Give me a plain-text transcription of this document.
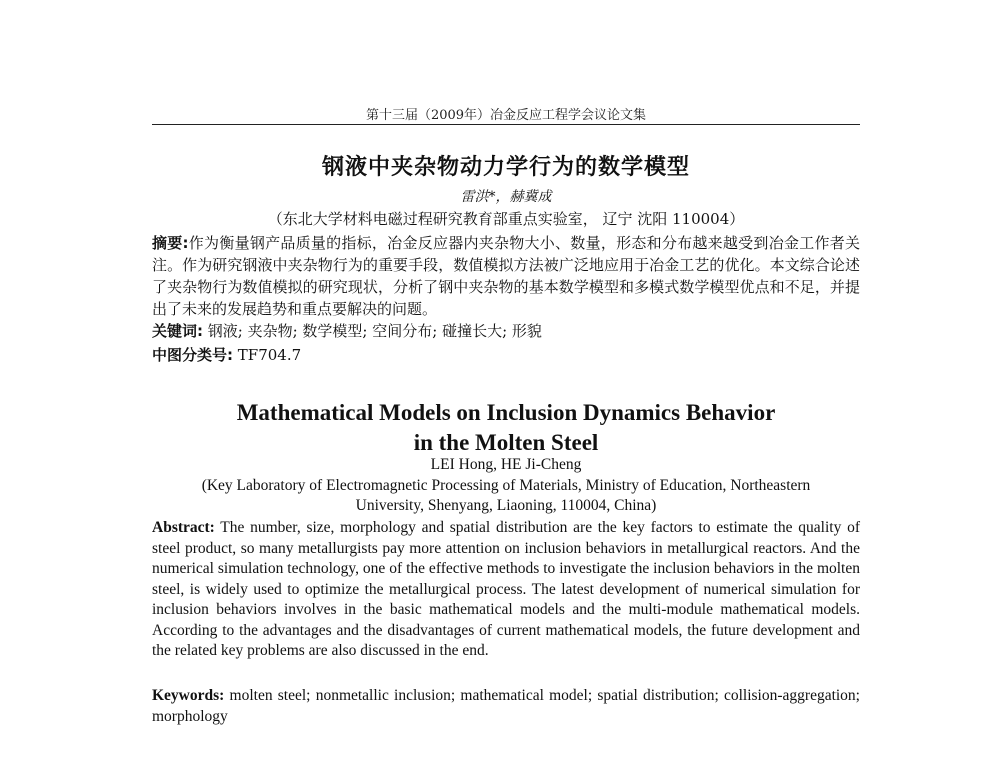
第十三届（2009年）冶金反应工程学会议论文集
钢液中夹杂物动力学行为的数学模型
雷洪*，赫冀成
（东北大学材料电磁过程研究教育部重点实验室， 辽宁 沈阳 110004）
摘要:作为衡量钢产品质量的指标，冶金反应器内夹杂物大小、数量，形态和分布越来越受到冶金工作者关注。作为研究钢液中夹杂物行为的重要手段，数值模拟方法被广泛地应用于冶金工艺的优化。本文综合论述了夹杂物行为数值模拟的研究现状，分析了钢中夹杂物的基本数学模型和多模式数学模型优点和不足，并提出了未来的发展趋势和重点要解决的问题。
关键词: 钢液; 夹杂物; 数学模型; 空间分布; 碰撞长大; 形貌
中图分类号: TF704.7
Mathematical Models on Inclusion Dynamics Behavior
in the Molten Steel
LEI Hong, HE Ji-Cheng
(Key Laboratory of Electromagnetic Processing of Materials, Ministry of Education, Northeastern
University, Shenyang, Liaoning, 110004, China)
Abstract: The number, size, morphology and spatial distribution are the key factors to estimate the quality of steel product, so many metallurgists pay more attention on inclusion behaviors in metallurgical reactors. And the numerical simulation technology, one of the effective methods to investigate the inclusion behaviors in the molten steel, is widely used to optimize the metallurgical process. The latest development of numerical simulation for inclusion behaviors involves in the basic mathematical models and the multi-module mathematical models. According to the advantages and the disadvantages of current mathematical models, the future development and the related key problems are also discussed in the end.
Keywords: molten steel; nonmetallic inclusion; mathematical model; spatial distribution; collision-aggregation; morphology
